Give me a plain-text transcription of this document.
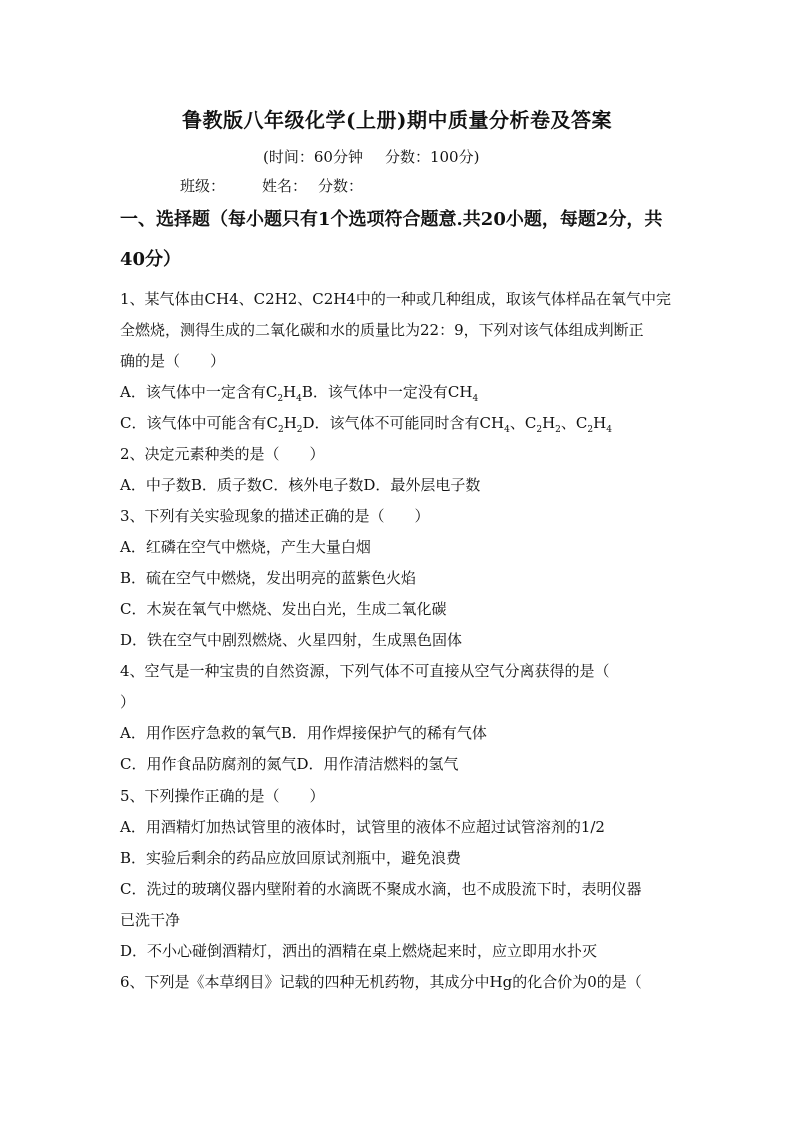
鲁教版八年级化学(上册)期中质量分析卷及答案
(时间：60分钟 分数：100分)
班级： 姓名： 分数：
一、选择题（每小题只有1个选项符合题意.共20小题，每题2分，共
40分）
1、某气体由CH4、C2H2、C2H4中的一种或几种组成，取该气体样品在氧气中完
全燃烧，测得生成的二氧化碳和水的质量比为22：9，下列对该气体组成判断正
确的是（　　）
A．该气体中一定含有$C_2H_4B$．该气体中一定没有$CH_4$
C．该气体中可能含有$C_2H_2D$．该气体不可能同时含有$CH_4$、$C_2H_2$、$C_2H_4$
2、决定元素种类的是（　　）
A．中子数B．质子数C．核外电子数D．最外层电子数
3、下列有关实验现象的描述正确的是（　　）
A．红磷在空气中燃烧，产生大量白烟
B．硫在空气中燃烧，发出明亮的蓝紫色火焰
C．木炭在氧气中燃烧、发出白光，生成二氧化碳
D．铁在空气中剧烈燃烧、火星四射，生成黑色固体
4、空气是一种宝贵的自然资源，下列气体不可直接从空气分离获得的是（
）
A．用作医疗急救的氧气B．用作焊接保护气的稀有气体
C．用作食品防腐剂的氮气D．用作清洁燃料的氢气
5、下列操作正确的是（　　）
A．用酒精灯加热试管里的液体时，试管里的液体不应超过试管溶剂的1/2
B．实验后剩余的药品应放回原试剂瓶中，避免浪费
C．洗过的玻璃仪器内壁附着的水滴既不聚成水滴，也不成股流下时，表明仪器
已洗干净
D．不小心碰倒酒精灯，洒出的酒精在桌上燃烧起来时，应立即用水扑灭
6、下列是《本草纲目》记载的四种无机药物，其成分中Hg的化合价为0的是（
